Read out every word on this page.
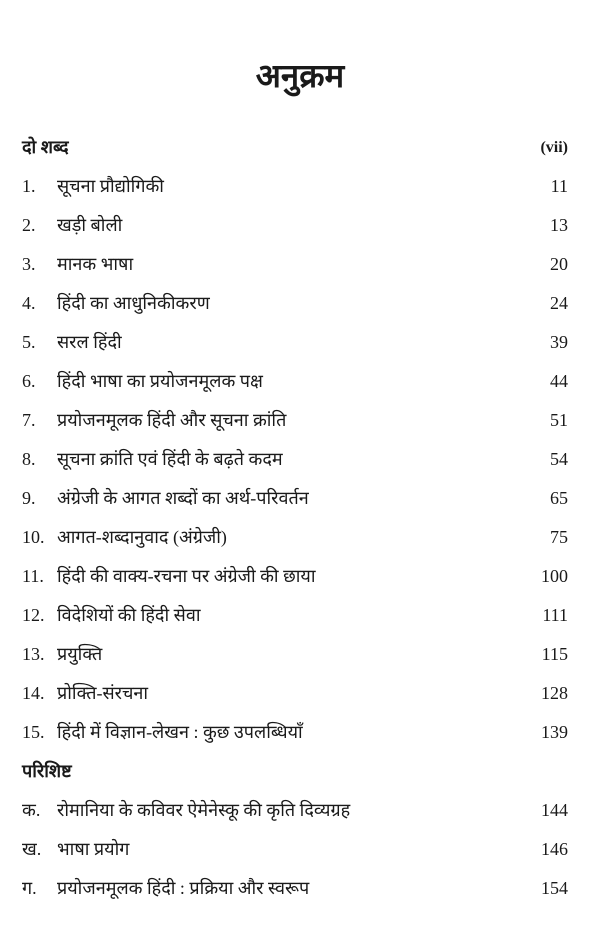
अनुक्रम
दो शब्द	(vii)
1. सूचना प्रौद्योगिकी	11
2. खड़ी बोली	13
3. मानक भाषा	20
4. हिंदी का आधुनिकीकरण	24
5. सरल हिंदी	39
6. हिंदी भाषा का प्रयोजनमूलक पक्ष	44
7. प्रयोजनमूलक हिंदी और सूचना क्रांति	51
8. सूचना क्रांति एवं हिंदी के बढ़ते कदम	54
9. अंग्रेजी के आगत शब्दों का अर्थ-परिवर्तन	65
10. आगत-शब्दानुवाद (अंग्रेजी)	75
11. हिंदी की वाक्य-रचना पर अंग्रेजी की छाया	100
12. विदेशियों की हिंदी सेवा	111
13. प्रयुक्ति	115
14. प्रोक्ति-संरचना	128
15. हिंदी में विज्ञान-लेखन : कुछ उपलब्धियाँ	139
परिशिष्ट
क. रोमानिया के कविवर ऐमेनेस्कू की कृति दिव्यग्रह	144
ख. भाषा प्रयोग	146
ग. प्रयोजनमूलक हिंदी : प्रक्रिया और स्वरूप	154
